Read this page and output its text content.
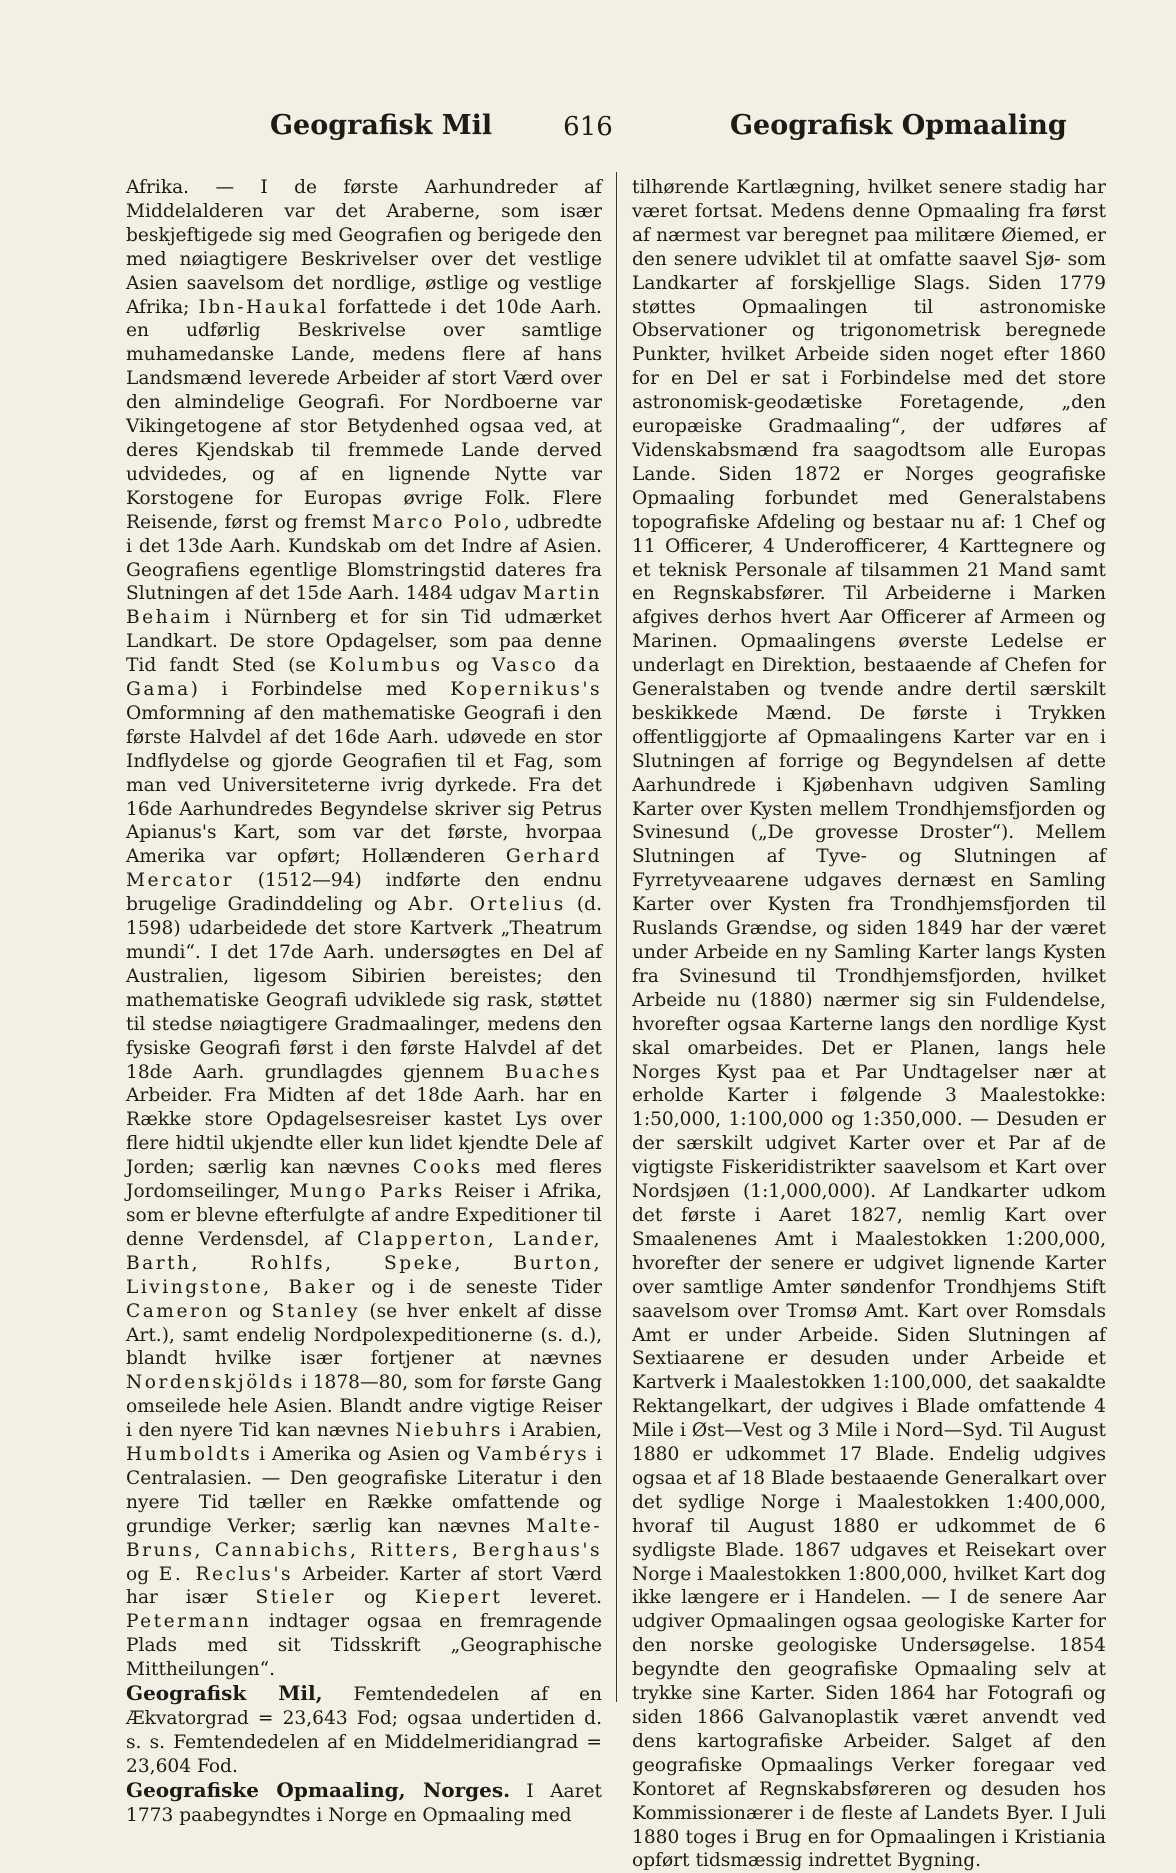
Geografisk Mil	616	Geografisk Opmaaling

Afrika. — I de første Aarhundreder af Middelalderen var det Araberne, som især beskjeftigede sig med Geografien og berigede den med nøiagtigere Beskrivelser over det vestlige Asien saavelsom det nordlige, østlige og vestlige Afrika; Ibn-Haukal forfattede i det 10de Aarh. en udførlig Beskrivelse over samtlige muhamedanske Lande, medens flere af hans Landsmænd leverede Arbeider af stort Værd over den almindelige Geografi. For Nordboerne var Vikingetogene af stor Betydenhed ogsaa ved, at deres Kjendskab til fremmede Lande derved udvidedes, og af en lignende Nytte var Korstogene for Europas øvrige Folk. Flere Reisende, først og fremst Marco Polo, udbredte i det 13de Aarh. Kundskab om det Indre af Asien. Geografiens egentlige Blomstringstid dateres fra Slutningen af det 15de Aarh. 1484 udgav Martin Behaim i Nürnberg et for sin Tid udmærket Landkart. De store Opdagelser, som paa denne Tid fandt Sted (se Kolumbus og Vasco da Gama) i Forbindelse med Kopernikus's Omformning af den mathematiske Geografi i den første Halvdel af det 16de Aarh. udøvede en stor Indflydelse og gjorde Geografien til et Fag, som man ved Universiteterne ivrig dyrkede. Fra det 16de Aarhundredes Begyndelse skriver sig Petrus Apianus's Kart, som var det første, hvorpaa Amerika var opført; Hollænderen Gerhard Mercator (1512—94) indførte den endnu brugelige Gradinddeling og Abr. Ortelius (d. 1598) udarbeidede det store Kartverk „Theatrum mundi“. I det 17de Aarh. undersøgtes en Del af Australien, ligesom Sibirien bereistes; den mathematiske Geografi udviklede sig rask, støttet til stedse nøiagtigere Gradmaalinger, medens den fysiske Geografi først i den første Halvdel af det 18de Aarh. grundlagdes gjennem Buaches Arbeider. Fra Midten af det 18de Aarh. har en Række store Opdagelsesreiser kastet Lys over flere hidtil ukjendte eller kun lidet kjendte Dele af Jorden; særlig kan nævnes Cooks med fleres Jordomseilinger, Mungo Parks Reiser i Afrika, som er blevne efterfulgte af andre Expeditioner til denne Verdensdel, af Clapperton, Lander, Barth, Rohlfs, Speke, Burton, Livingstone, Baker og i de seneste Tider Cameron og Stanley (se hver enkelt af disse Art.), samt endelig Nordpolexpeditionerne (s. d.), blandt hvilke især fortjener at nævnes Nordenskjölds i 1878—80, som for første Gang omseilede hele Asien. Blandt andre vigtige Reiser i den nyere Tid kan nævnes Niebuhrs i Arabien, Humboldts i Amerika og Asien og Vambérys i Centralasien. — Den geografiske Literatur i den nyere Tid tæller en Række omfattende og grundige Verker; særlig kan nævnes Malte-Bruns, Cannabichs, Ritters, Berghaus's og E. Reclus's Arbeider. Karter af stort Værd har især Stieler og Kiepert leveret. Petermann indtager ogsaa en fremragende Plads med sit Tidsskrift „Geographische Mittheilungen“.

Geografisk Mil, Femtendedelen af en Ækvatorgrad = 23,643 Fod; ogsaa undertiden d. s. s. Femtendedelen af en Middelmeridiangrad = 23,604 Fod.

Geografiske Opmaaling, Norges. I Aaret 1773 paabegyndtes i Norge en Opmaaling med

tilhørende Kartlægning, hvilket senere stadig har været fortsat. Medens denne Opmaaling fra først af nærmest var beregnet paa militære Øiemed, er den senere udviklet til at omfatte saavel Sjø- som Landkarter af forskjellige Slags. Siden 1779 støttes Opmaalingen til astronomiske Observationer og trigonometrisk beregnede Punkter, hvilket Arbeide siden noget efter 1860 for en Del er sat i Forbindelse med det store astronomisk-geodætiske Foretagende, „den europæiske Gradmaaling“, der udføres af Videnskabsmænd fra saagodtsom alle Europas Lande. Siden 1872 er Norges geografiske Opmaaling forbundet med Generalstabens topografiske Afdeling og bestaar nu af: 1 Chef og 11 Officerer, 4 Underofficerer, 4 Karttegnere og et teknisk Personale af tilsammen 21 Mand samt en Regnskabsfører. Til Arbeiderne i Marken afgives derhos hvert Aar Officerer af Armeen og Marinen. Opmaalingens øverste Ledelse er underlagt en Direktion, bestaaende af Chefen for Generalstaben og tvende andre dertil særskilt beskikkede Mænd. De første i Trykken offentliggjorte af Opmaalingens Karter var en i Slutningen af forrige og Begyndelsen af dette Aarhundrede i Kjøbenhavn udgiven Samling Karter over Kysten mellem Trondhjemsfjorden og Svinesund („De grovesse Droster“). Mellem Slutningen af Tyve- og Slutningen af Fyrretyveaarene udgaves dernæst en Samling Karter over Kysten fra Trondhjemsfjorden til Ruslands Grændse, og siden 1849 har der været under Arbeide en ny Samling Karter langs Kysten fra Svinesund til Trondhjemsfjorden, hvilket Arbeide nu (1880) nærmer sig sin Fuldendelse, hvorefter ogsaa Karterne langs den nordlige Kyst skal omarbeides. Det er Planen, langs hele Norges Kyst paa et Par Undtagelser nær at erholde Karter i følgende 3 Maalestokke: 1:50,000, 1:100,000 og 1:350,000. — Desuden er der særskilt udgivet Karter over et Par af de vigtigste Fiskeridistrikter saavelsom et Kart over Nordsjøen (1:1,000,000). Af Landkarter udkom det første i Aaret 1827, nemlig Kart over Smaalenenes Amt i Maalestokken 1:200,000, hvorefter der senere er udgivet lignende Karter over samtlige Amter søndenfor Trondhjems Stift saavelsom over Tromsø Amt. Kart over Romsdals Amt er under Arbeide. Siden Slutningen af Sextiaarene er desuden under Arbeide et Kartverk i Maalestokken 1:100,000, det saakaldte Rektangelkart, der udgives i Blade omfattende 4 Mile i Øst—Vest og 3 Mile i Nord—Syd. Til August 1880 er udkommet 17 Blade. Endelig udgives ogsaa et af 18 Blade bestaaende Generalkart over det sydlige Norge i Maalestokken 1:400,000, hvoraf til August 1880 er udkommet de 6 sydligste Blade. 1867 udgaves et Reisekart over Norge i Maalestokken 1:800,000, hvilket Kart dog ikke længere er i Handelen. — I de senere Aar udgiver Opmaalingen ogsaa geologiske Karter for den norske geologiske Undersøgelse. 1854 begyndte den geografiske Opmaaling selv at trykke sine Karter. Siden 1864 har Fotografi og siden 1866 Galvanoplastik været anvendt ved dens kartografiske Arbeider. Salget af den geografiske Opmaalings Verker foregaar ved Kontoret af Regnskabsføreren og desuden hos Kommissionærer i de fleste af Landets Byer. I Juli 1880 toges i Brug en for Opmaalingen i Kristiania opført tidsmæssig indrettet Bygning.
